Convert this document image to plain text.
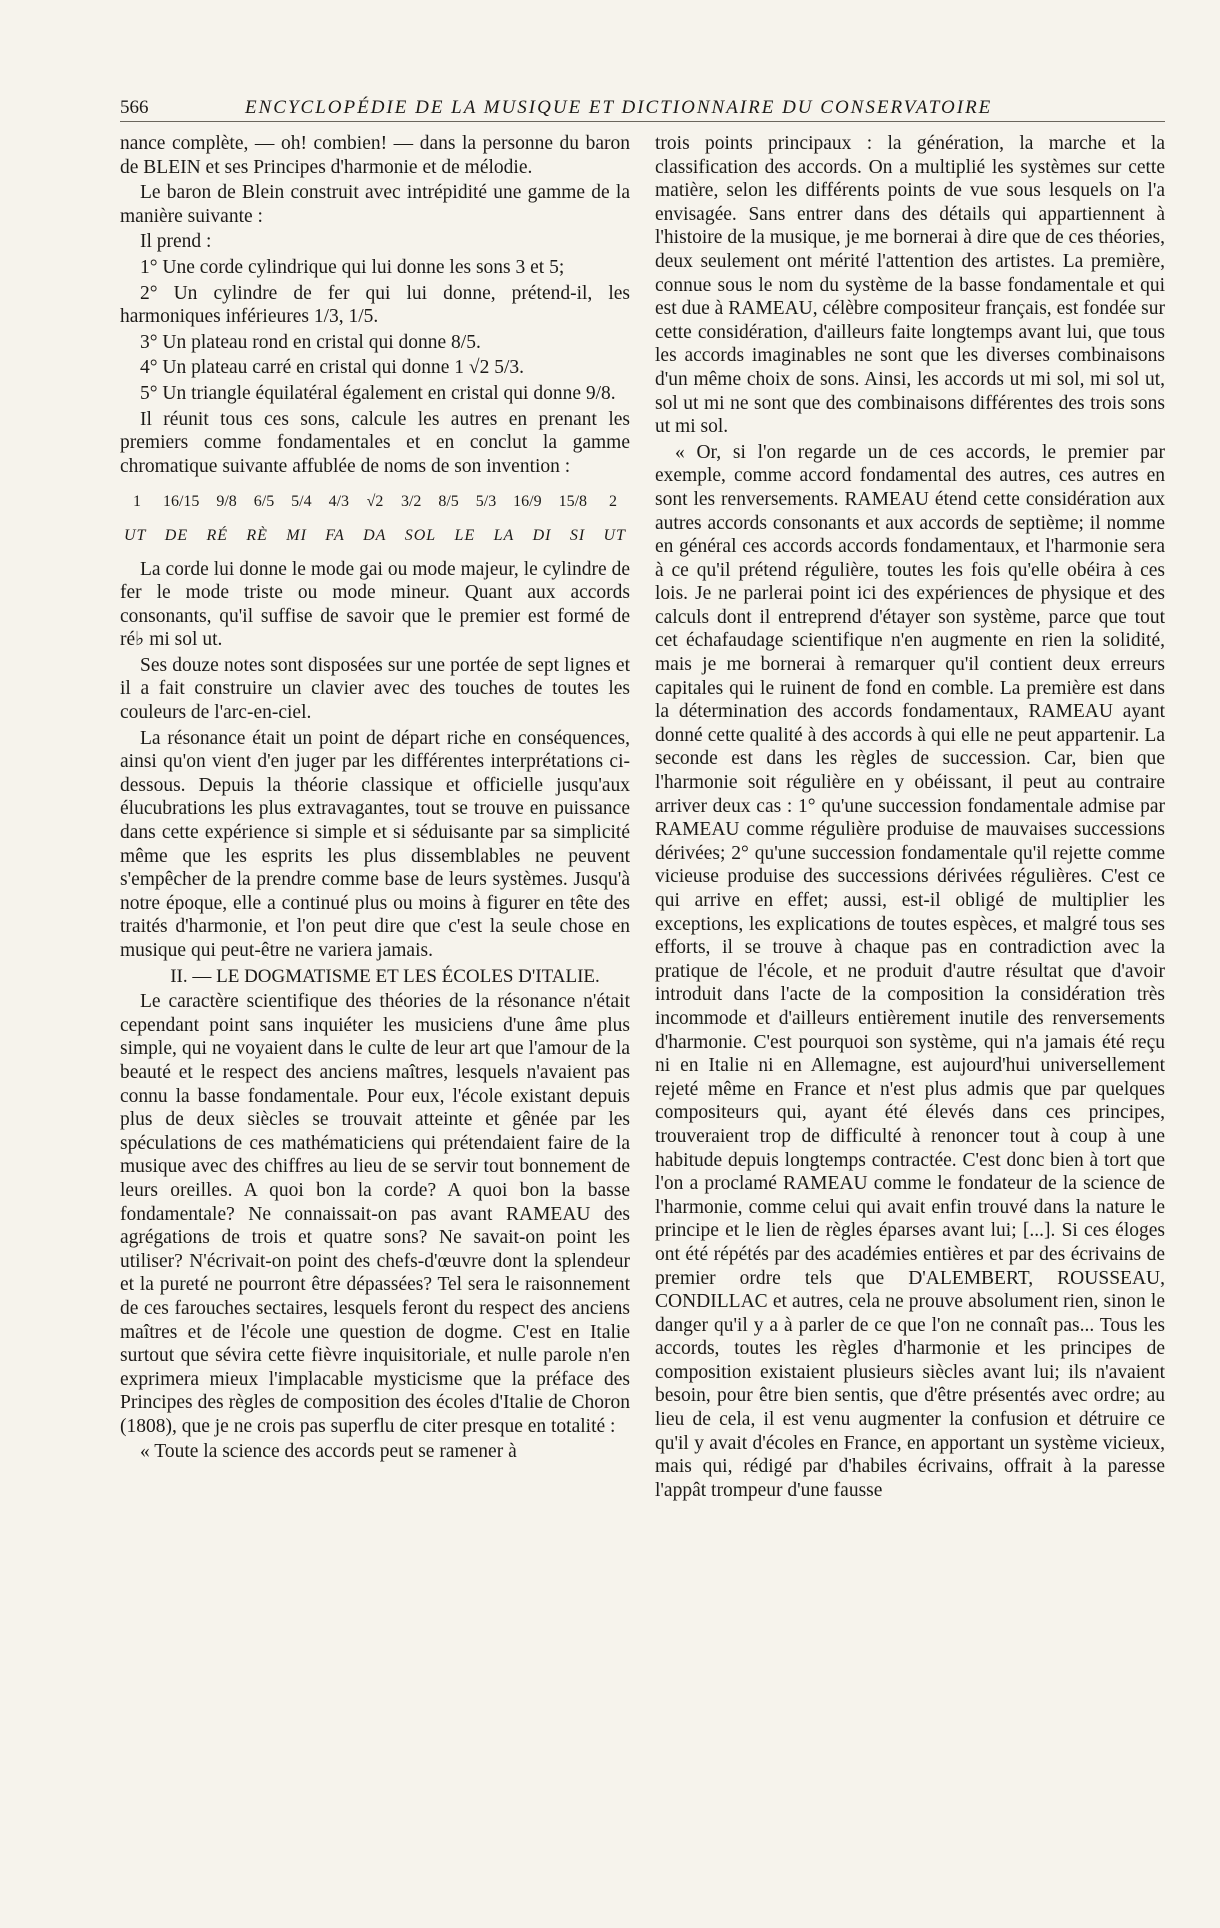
566	ENCYCLOPÉDIE DE LA MUSIQUE ET DICTIONNAIRE DU CONSERVATOIRE

nance complète, — oh! combien! — dans la personne du baron de BLEIN et ses Principes d'harmonie et de mélodie.

Le baron de Blein construit avec intrépidité une gamme de la manière suivante :

Il prend :

1° Une corde cylindrique qui lui donne les sons 3 et 5;

2° Un cylindre de fer qui lui donne, prétend-il, les harmoniques inférieures 1/3, 1/5.

3° Un plateau rond en cristal qui donne 8/5.

4° Un plateau carré en cristal qui donne 1 √2 5/3.

5° Un triangle équilatéral également en cristal qui donne 9/8.

Il réunit tous ces sons, calcule les autres en prenant les premiers comme fondamentales et en conclut la gamme chromatique suivante affublée de noms de son invention :

1	16/15 9/8 6/5 5/4 4/3 √2 3/2 8/5 5/3 16/9 15/8	2
UT DE RÉ RÈ MI FA DA SOL LE LA DI SI UT

La corde lui donne le mode gai ou mode majeur, le cylindre de fer le mode triste ou mode mineur. Quant aux accords consonants, qu'il suffise de savoir que le premier est formé de ré♭ mi sol ut.

Ses douze notes sont disposées sur une portée de sept lignes et il a fait construire un clavier avec des touches de toutes les couleurs de l'arc-en-ciel.

La résonance était un point de départ riche en conséquences, ainsi qu'on vient d'en juger par les différentes interprétations ci-dessous. Depuis la théorie classique et officielle jusqu'aux élucubrations les plus extravagantes, tout se trouve en puissance dans cette expérience si simple et si séduisante par sa simplicité même que les esprits les plus dissemblables ne peuvent s'empêcher de la prendre comme base de leurs systèmes. Jusqu'à notre époque, elle a continué plus ou moins à figurer en tête des traités d'harmonie, et l'on peut dire que c'est la seule chose en musique qui peut-être ne variera jamais.

II. — LE DOGMATISME ET LES ÉCOLES D'ITALIE.

Le caractère scientifique des théories de la résonance n'était cependant point sans inquiéter les musiciens d'une âme plus simple, qui ne voyaient dans le culte de leur art que l'amour de la beauté et le respect des anciens maîtres, lesquels n'avaient pas connu la basse fondamentale. Pour eux, l'école existant depuis plus de deux siècles se trouvait atteinte et gênée par les spéculations de ces mathématiciens qui prétendaient faire de la musique avec des chiffres au lieu de se servir tout bonnement de leurs oreilles. A quoi bon la corde? A quoi bon la basse fondamentale? Ne connaissait-on pas avant RAMEAU des agrégations de trois et quatre sons? Ne savait-on point les utiliser? N'écrivait-on point des chefs-d'œuvre dont la splendeur et la pureté ne pourront être dépassées? Tel sera le raisonnement de ces farouches sectaires, lesquels feront du respect des anciens maîtres et de l'école une question de dogme. C'est en Italie surtout que sévira cette fièvre inquisitoriale, et nulle parole n'en exprimera mieux l'implacable mysticisme que la préface des Principes des règles de composition des écoles d'Italie de Choron (1808), que je ne crois pas superflu de citer presque en totalité :

« Toute la science des accords peut se ramener à

trois points principaux : la génération, la marche et la classification des accords. On a multiplié les systèmes sur cette matière, selon les différents points de vue sous lesquels on l'a envisagée. Sans entrer dans des détails qui appartiennent à l'histoire de la musique, je me bornerai à dire que de ces théories, deux seulement ont mérité l'attention des artistes. La première, connue sous le nom du système de la basse fondamentale et qui est due à RAMEAU, célèbre compositeur français, est fondée sur cette considération, d'ailleurs faite longtemps avant lui, que tous les accords imaginables ne sont que les diverses combinaisons d'un même choix de sons. Ainsi, les accords ut mi sol, mi sol ut, sol ut mi ne sont que des combinaisons différentes des trois sons ut mi sol.

« Or, si l'on regarde un de ces accords, le premier par exemple, comme accord fondamental des autres, ces autres en sont les renversements. RAMEAU étend cette considération aux autres accords consonants et aux accords de septième; il nomme en général ces accords accords fondamentaux, et l'harmonie sera à ce qu'il prétend régulière, toutes les fois qu'elle obéira à ces lois. Je ne parlerai point ici des expériences de physique et des calculs dont il entreprend d'étayer son système, parce que tout cet échafaudage scientifique n'en augmente en rien la solidité, mais je me bornerai à remarquer qu'il contient deux erreurs capitales qui le ruinent de fond en comble. La première est dans la détermination des accords fondamentaux, RAMEAU ayant donné cette qualité à des accords à qui elle ne peut appartenir. La seconde est dans les règles de succession. Car, bien que l'harmonie soit régulière en y obéissant, il peut au contraire arriver deux cas : 1° qu'une succession fondamentale admise par RAMEAU comme régulière produise de mauvaises successions dérivées; 2° qu'une succession fondamentale qu'il rejette comme vicieuse produise des successions dérivées régulières. C'est ce qui arrive en effet; aussi, est-il obligé de multiplier les exceptions, les explications de toutes espèces, et malgré tous ses efforts, il se trouve à chaque pas en contradiction avec la pratique de l'école, et ne produit d'autre résultat que d'avoir introduit dans l'acte de la composition la considération très incommode et d'ailleurs entièrement inutile des renversements d'harmonie. C'est pourquoi son système, qui n'a jamais été reçu ni en Italie ni en Allemagne, est aujourd'hui universellement rejeté même en France et n'est plus admis que par quelques compositeurs qui, ayant été élevés dans ces principes, trouveraient trop de difficulté à renoncer tout à coup à une habitude depuis longtemps contractée. C'est donc bien à tort que l'on a proclamé RAMEAU comme le fondateur de la science de l'harmonie, comme celui qui avait enfin trouvé dans la nature le principe et le lien de règles éparses avant lui; [...]. Si ces éloges ont été répétés par des académies entières et par des écrivains de premier ordre tels que D'ALEMBERT, ROUSSEAU, CONDILLAC et autres, cela ne prouve absolument rien, sinon le danger qu'il y a à parler de ce que l'on ne connaît pas... Tous les accords, toutes les règles d'harmonie et les principes de composition existaient plusieurs siècles avant lui; ils n'avaient besoin, pour être bien sentis, que d'être présentés avec ordre; au lieu de cela, il est venu augmenter la confusion et détruire ce qu'il y avait d'écoles en France, en apportant un système vicieux, mais qui, rédigé par d'habiles écrivains, offrait à la paresse l'appât trompeur d'une fausse
